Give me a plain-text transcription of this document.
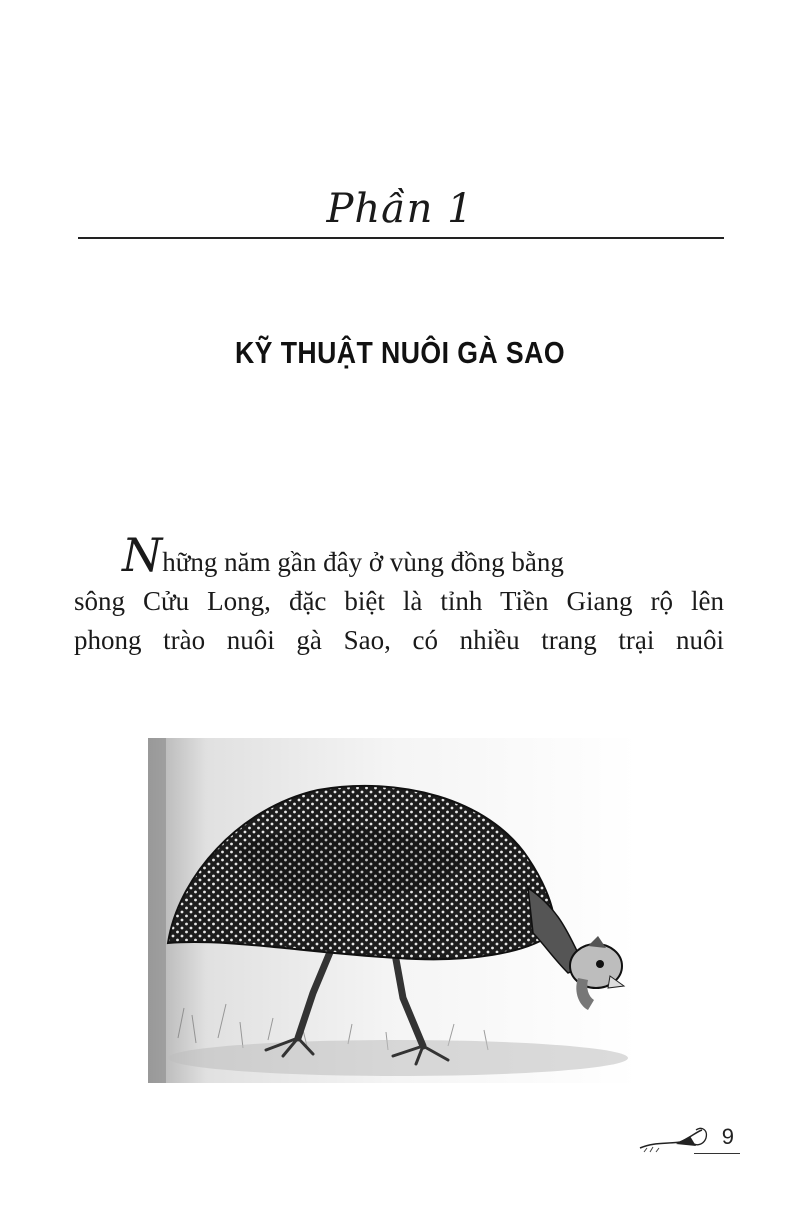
Phần 1
KỸ THUẬT NUÔI GÀ SAO
Những năm gần đây ở vùng đồng bằng
sông Cửu Long, đặc biệt là tỉnh Tiền Giang rộ lên
phong trào nuôi gà Sao, có nhiều trang trại nuôi
9
